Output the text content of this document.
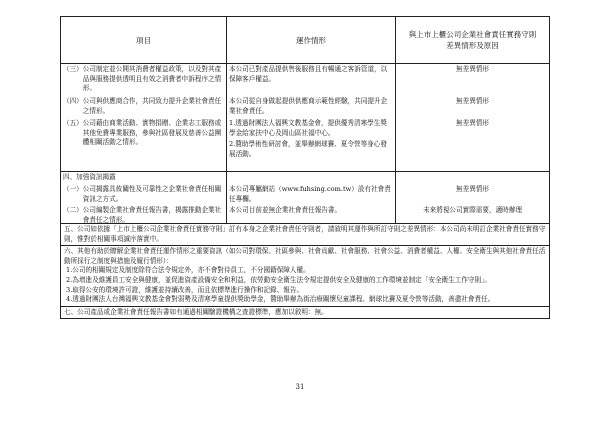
項目	運作情形
與上市上櫃公司企業社會責任實務守則
差異情形及原因
（三） 公司制定並公開其消費者權益政策，以及對其產品與服務提供透明且有效之消費者申訴程序之情形。
（四） 公司與供應商合作，共同致力提升企業社會責任之情形。
（五） 公司藉由商業活動、實物捐贈、企業志工服務或其他免費專業服務，參與社區發展及慈善公益團體相關活動之情形。
本公司已對產品提供售後服務且有暢通之客訴管道，以保障客戶權益。
本公司從自身做起提供供應商示範性經驗，共同提升企業社會責任。
1.透過財團法人福興文教基金會，提供優秀清寒學生獎學金給家扶中心及岡山區社福中心。
2.贊助學術性研討會，並舉辦網球賽、夏令營等身心發展活動。
無差異情形
無差異情形
無差異情形
四、加強資訊揭露
（一） 公司揭露具攸關性及可靠性之企業社會責任相關資訊之方式。
（二） 公司編製企業社會責任報告書，揭露推動企業社會責任之情形。
本公司專屬網站（www.fuhsing.com.tw）設有社會責任專欄。
本公司目前並無企業社會責任報告書。
無差異情形
未來將視公司實際需要，適時辦理
五、公司如依據「上市上櫃公司企業社會責任實務守則」訂有本身之企業社會責任守則者，請敘明其運作與所訂守則之差異情形：本公司尚未明訂企業社會責任實務守則，惟對於相關事項誠序落實中。
六、其他有助於瞭解企業社會責任運作情形之重要資訊（如公司對環保、社區參與、社會貢獻、社會服務、社會公益、消費者權益、人權、安全衛生與其他社會責任活動所採行之制度與措施及履行情形）：
1. 公司的相關規定及制度除符合法令規定外，亦不會對待員工，不分國籍保障人權。
2. 為增進及維護員工安全與健康，並促進資產設備安全和利益，依勞動安全衛生法令規定提供安全及健康的工作環境並制定「安全衛生工作守則」。
3. 取得公安的環境許可證，維護並持續改善，而且依標準進行操作和記錄、報告。
4. 透過財團法人台灣福興文教基金會對弱勢及清寒學童提供獎助學金，贊助舉辦為街治療關懷兒童課程、網球比賽及夏令營等活動，善盡社會責任。
七、公司產品或企業社會責任報告書如有通過相關驗證機構之查證標準，應加以敘明：無。
31
